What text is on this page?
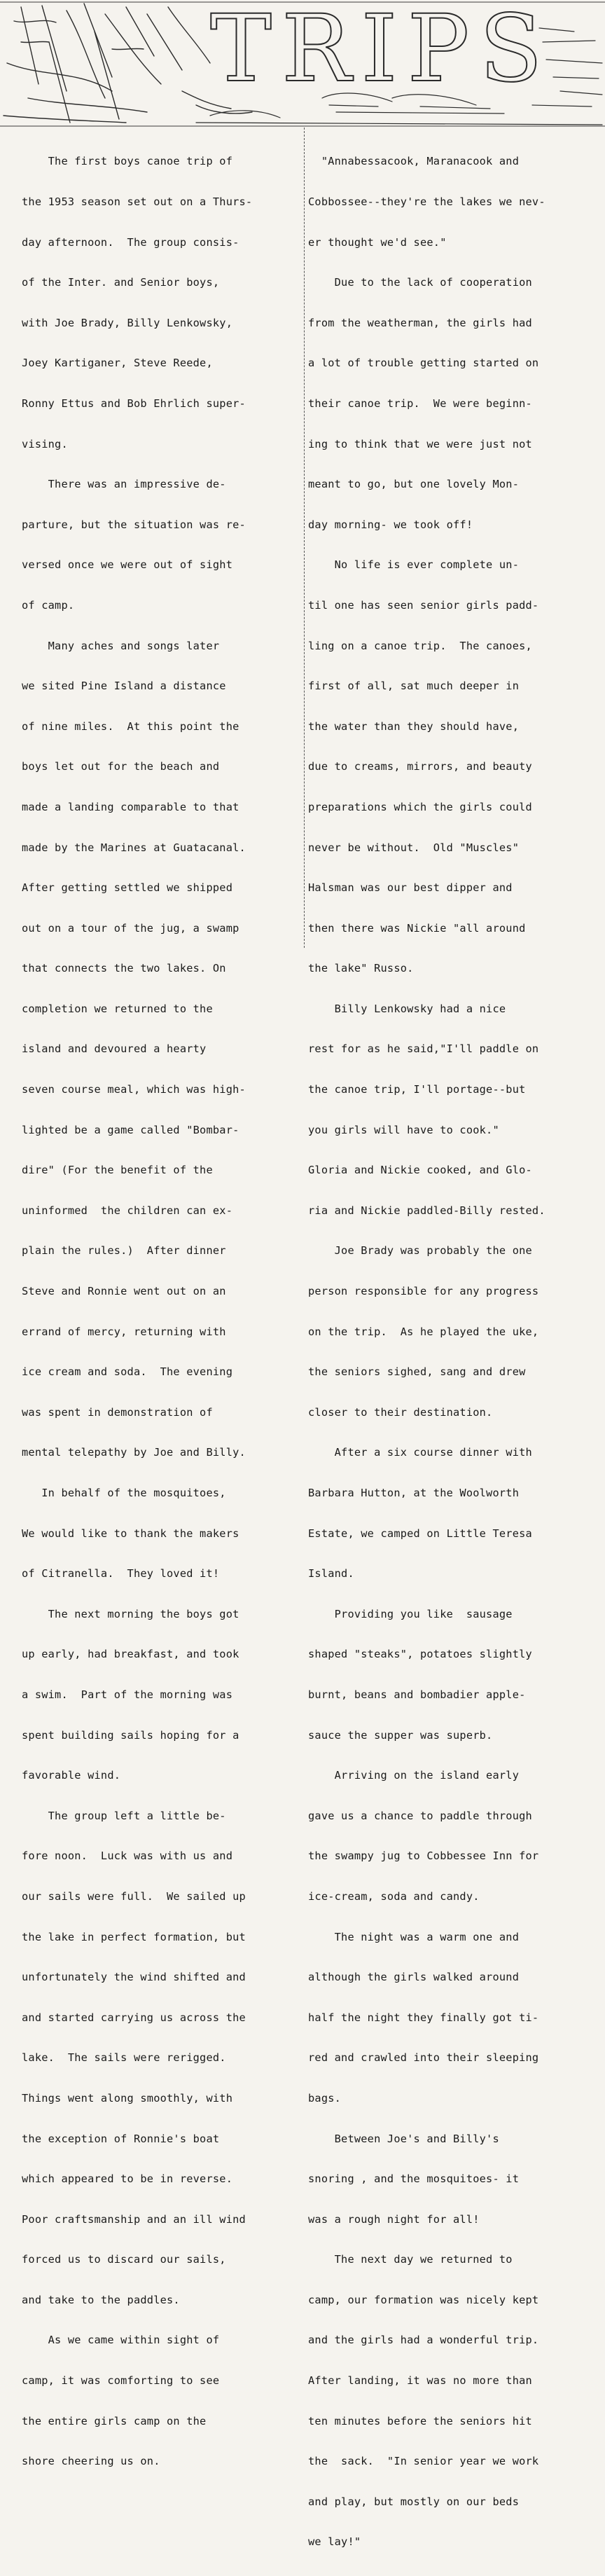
TRIPS

The first boys canoe trip of

the 1953 season set out on a Thurs-

day afternoon.  The group consis-

of the Inter. and Senior boys,

with Joe Brady, Billy Lenkowsky,

Joey Kartiganer, Steve Reede,

Ronny Ettus and Bob Ehrlich super-

vising.

There was an impressive de-

parture, but the situation was re-

versed once we were out of sight

of camp.

Many aches and songs later

we sited Pine Island a distance

of nine miles.  At this point the

boys let out for the beach and

made a landing comparable to that

made by the Marines at Guatacanal.

After getting settled we shipped

out on a tour of the jug, a swamp

that connects the two lakes. On

completion we returned to the

island and devoured a hearty

seven course meal, which was high-

lighted be a game called "Bombar-

dire" (For the benefit of the

uninformed  the children can ex-

plain the rules.)  After dinner

Steve and Ronnie went out on an

errand of mercy, returning with

ice cream and soda.  The evening

was spent in demonstration of

mental telepathy by Joe and Billy.

In behalf of the mosquitoes,

We would like to thank the makers

of Citranella.  They loved it!

The next morning the boys got

up early, had breakfast, and took

a swim.  Part of the morning was

spent building sails hoping for a

favorable wind.

The group left a little be-

fore noon.  Luck was with us and

our sails were full.  We sailed up

the lake in perfect formation, but

unfortunately the wind shifted and

and started carrying us across the

lake.  The sails were rerigged.

Things went along smoothly, with

the exception of Ronnie's boat

which appeared to be in reverse.

Poor craftsmanship and an ill wind

forced us to discard our sails,

and take to the paddles.

As we came within sight of

camp, it was comforting to see

the entire girls camp on the

shore cheering us on.

"Annabessacook, Maranacook and

Cobbossee--they're the lakes we nev-

er thought we'd see."

Due to the lack of cooperation

from the weatherman, the girls had

a lot of trouble getting started on

their canoe trip.  We were beginn-

ing to think that we were just not

meant to go, but one lovely Mon-

day morning- we took off!

No life is ever complete un-

til one has seen senior girls padd-

ling on a canoe trip.  The canoes,

first of all, sat much deeper in

the water than they should have,

due to creams, mirrors, and beauty

preparations which the girls could

never be without.  Old "Muscles"

Halsman was our best dipper and

then there was Nickie "all around

the lake" Russo.

Billy Lenkowsky had a nice

rest for as he said,"I'll paddle on

the canoe trip, I'll portage--but

you girls will have to cook."

Gloria and Nickie cooked, and Glo-

ria and Nickie paddled-Billy rested.

Joe Brady was probably the one

person responsible for any progress

on the trip.  As he played the uke,

the seniors sighed, sang and drew

closer to their destination.

After a six course dinner with

Barbara Hutton, at the Woolworth

Estate, we camped on Little Teresa

Island.

Providing you like  sausage

shaped "steaks", potatoes slightly

burnt, beans and bombadier apple-

sauce the supper was superb.

Arriving on the island early

gave us a chance to paddle through

the swampy jug to Cobbessee Inn for

ice-cream, soda and candy.

The night was a warm one and

although the girls walked around

half the night they finally got ti-

red and crawled into their sleeping

bags.

Between Joe's and Billy's

snoring , and the mosquitoes- it

was a rough night for all!

The next day we returned to

camp, our formation was nicely kept

and the girls had a wonderful trip.

After landing, it was no more than

ten minutes before the seniors hit

the  sack.  "In senior year we work

and play, but mostly on our beds

we lay!"
